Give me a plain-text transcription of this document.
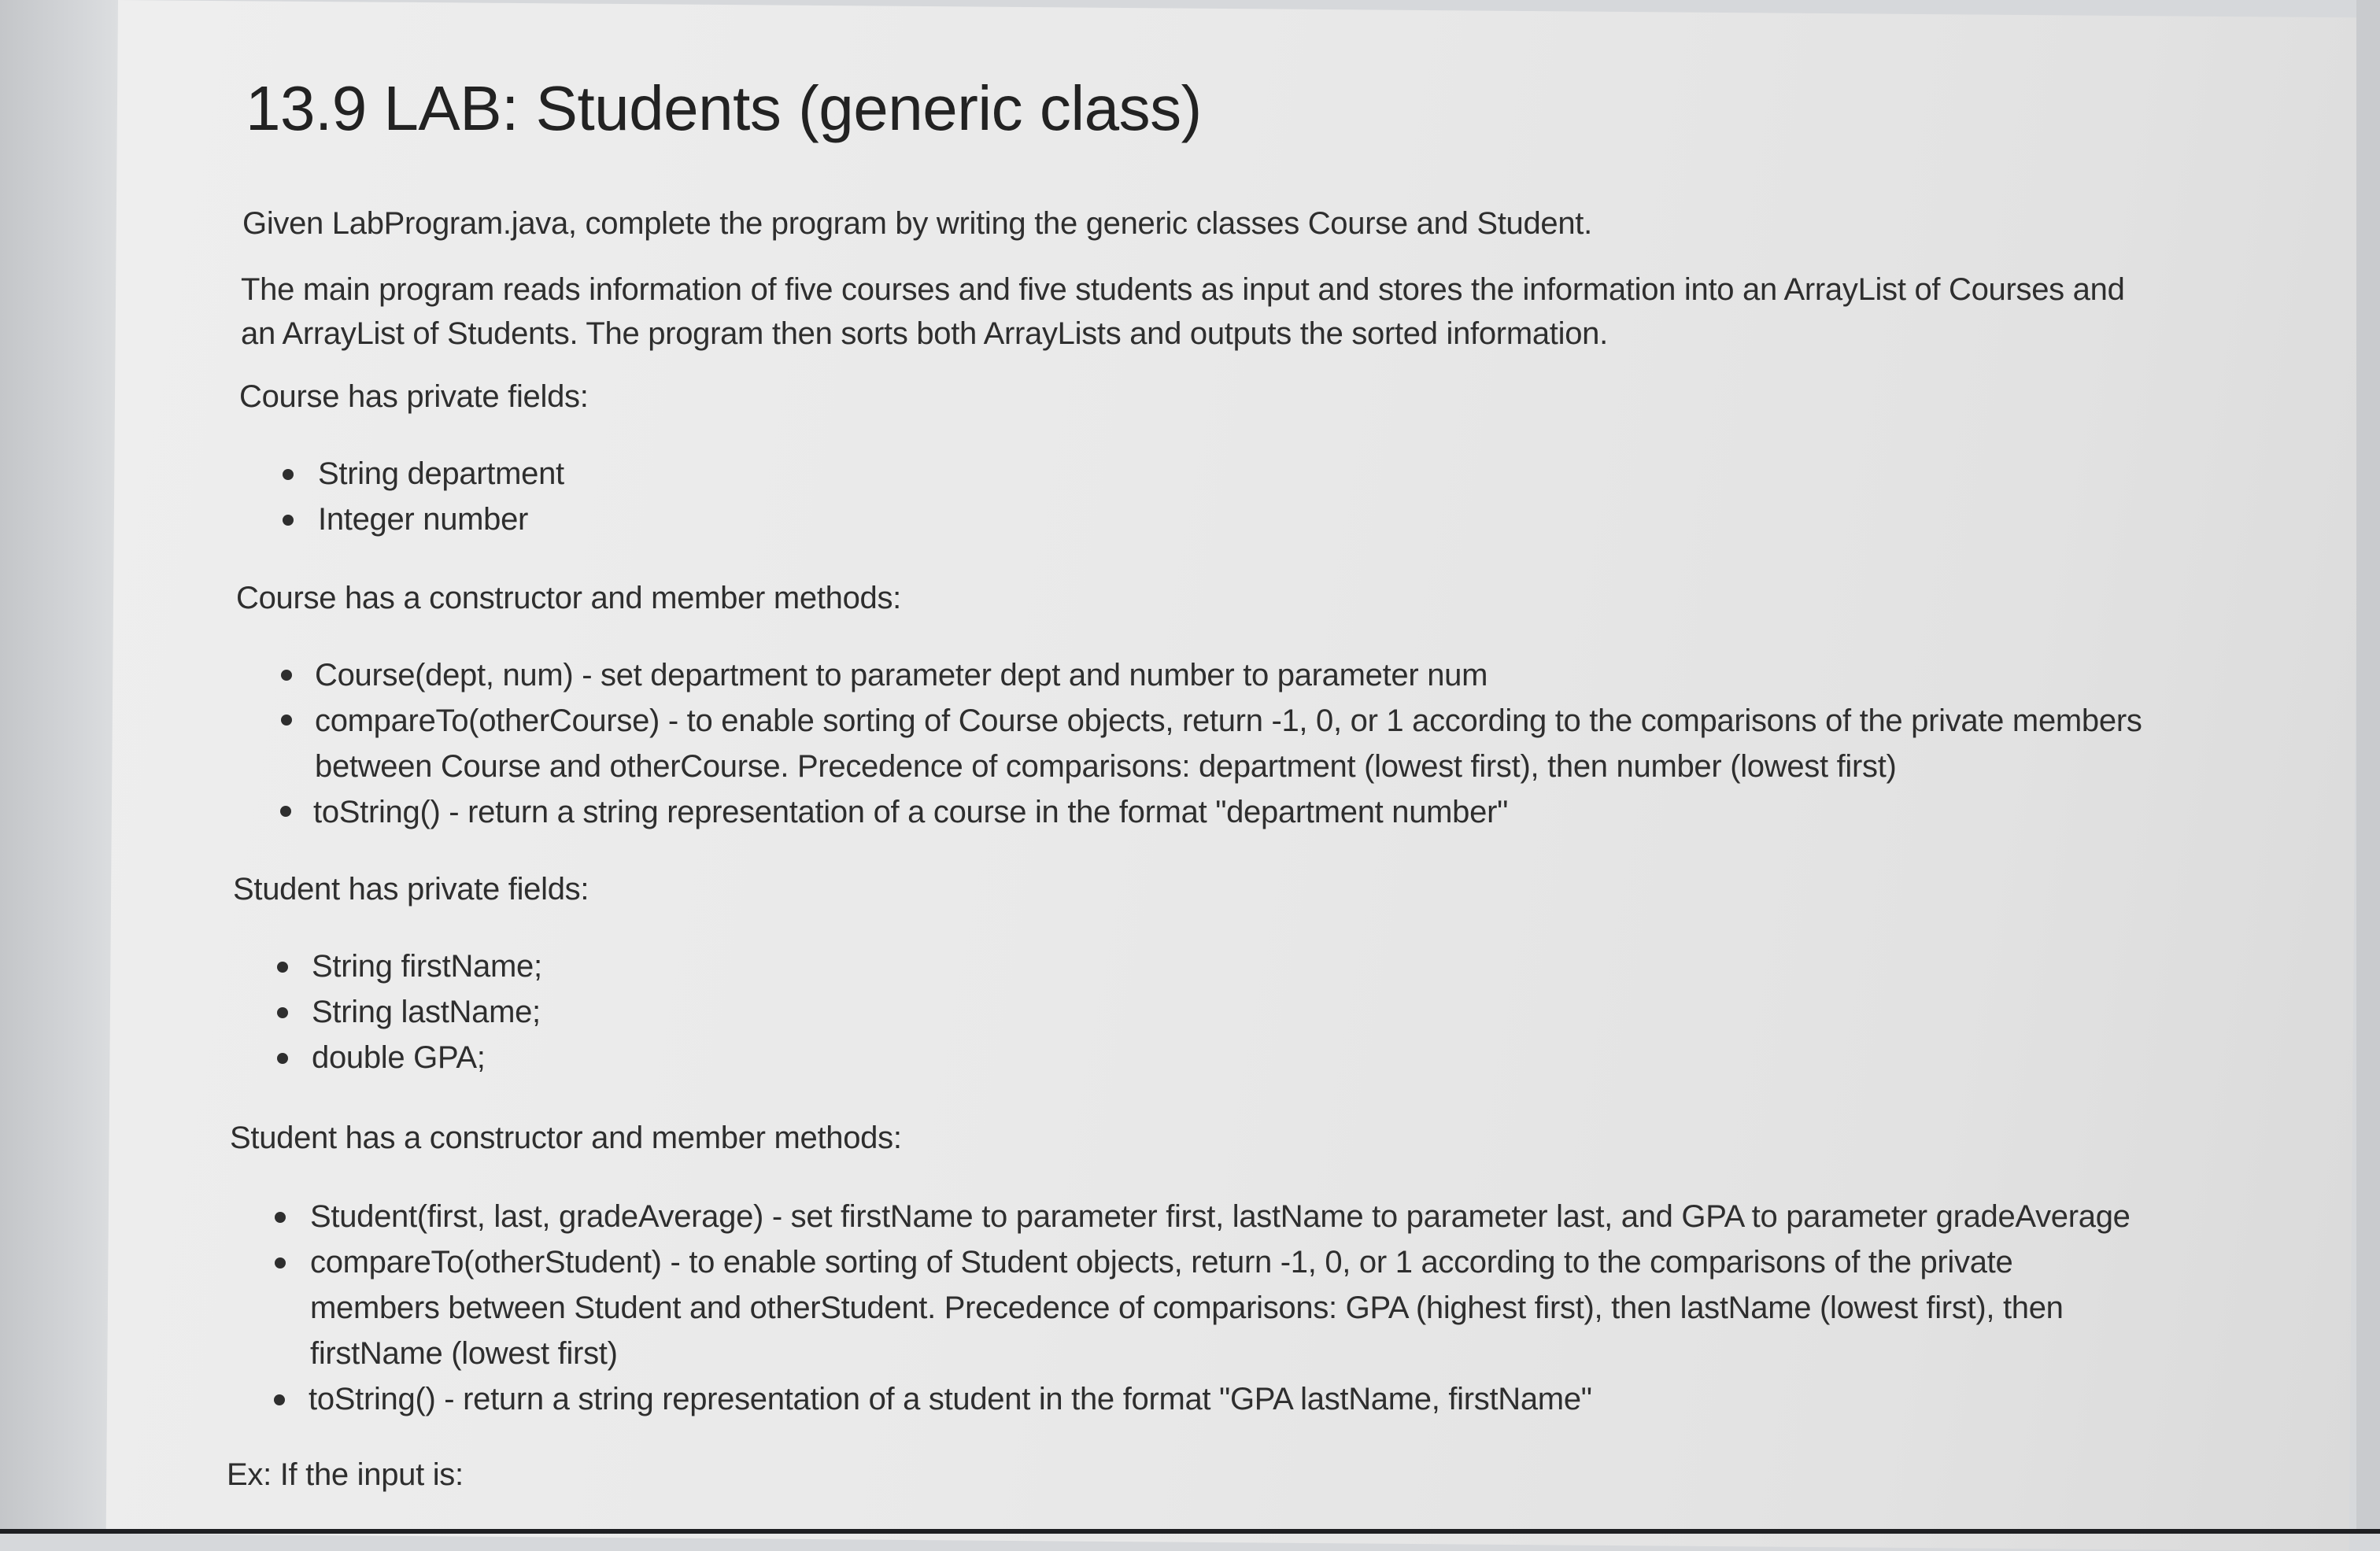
13.9 LAB: Students (generic class)
Given LabProgram.java, complete the program by writing the generic classes Course and Student.
The main program reads information of five courses and five students as input and stores the information into an ArrayList of Courses and
an ArrayList of Students. The program then sorts both ArrayLists and outputs the sorted information.
Course has private fields:
String department
Integer number
Course has a constructor and member methods:
Course(dept, num) - set department to parameter dept and number to parameter num
compareTo(otherCourse) - to enable sorting of Course objects, return -1, 0, or 1 according to the comparisons of the private members
between Course and otherCourse. Precedence of comparisons: department (lowest first), then number (lowest first)
toString() - return a string representation of a course in the format "department number"
Student has private fields:
String firstName;
String lastName;
double GPA;
Student has a constructor and member methods:
Student(first, last, gradeAverage) - set firstName to parameter first, lastName to parameter last, and GPA to parameter gradeAverage
compareTo(otherStudent) - to enable sorting of Student objects, return -1, 0, or 1 according to the comparisons of the private
members between Student and otherStudent. Precedence of comparisons: GPA (highest first), then lastName (lowest first), then
firstName (lowest first)
toString() - return a string representation of a student in the format "GPA lastName, firstName"
Ex: If the input is:
